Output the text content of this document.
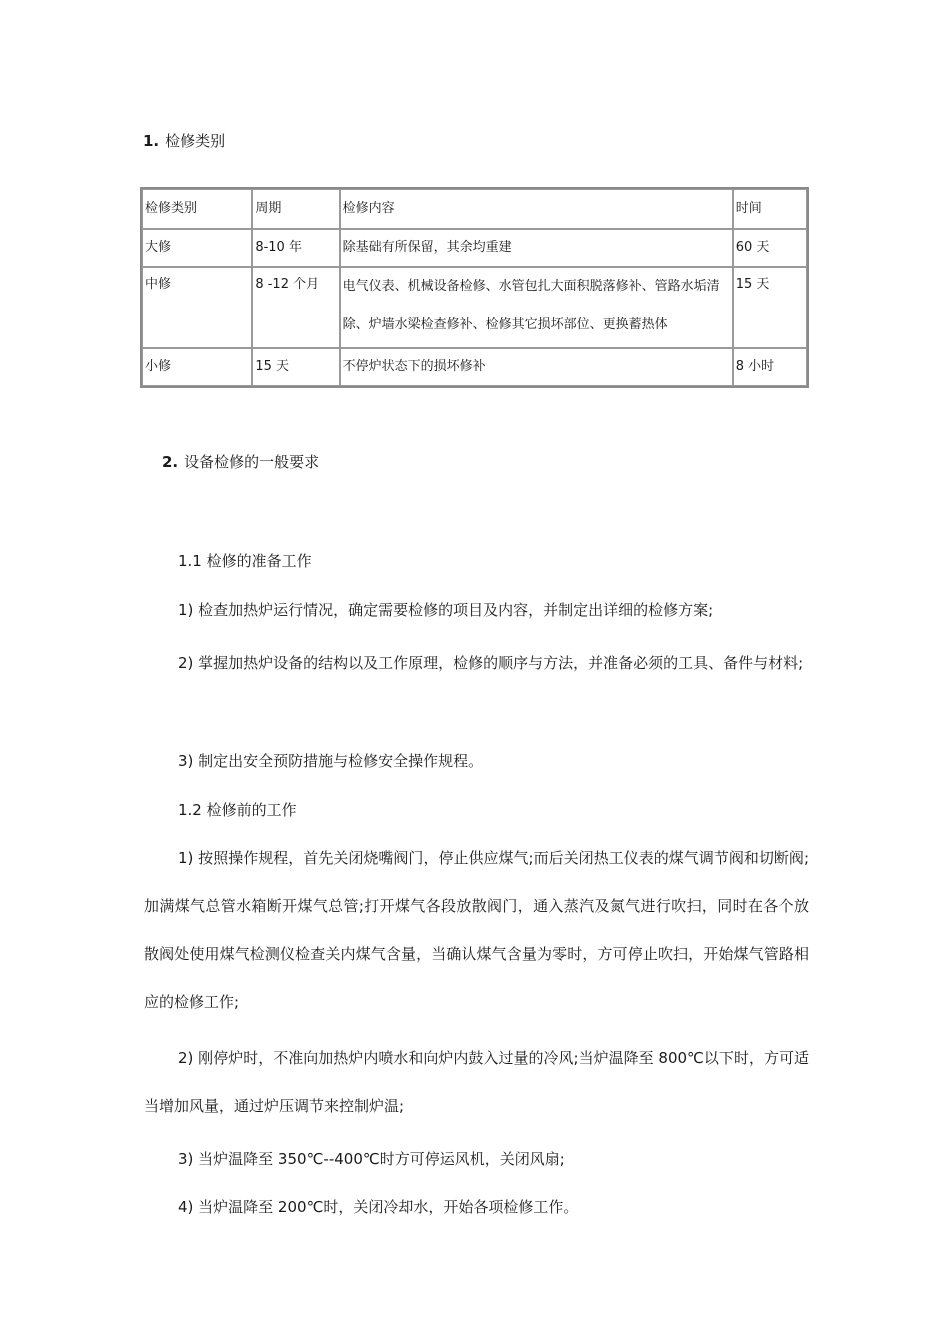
1. 检修类别
检修类别	周期	检修内容	时间
大修	8-10 年	除基础有所保留，其余均重建	60 天
中修	8 -12 个月	电气仪表、机械设备检修、水管包扎大面积脱落修补、管路水垢清除、炉墙水梁检查修补、检修其它损坏部位、更换蓄热体	15 天
小修	15 天	不停炉状态下的损坏修补	8 小时
2. 设备检修的一般要求
1.1 检修的准备工作
1) 检查加热炉运行情况，确定需要检修的项目及内容，并制定出详细的检修方案;
2) 掌握加热炉设备的结构以及工作原理，检修的顺序与方法，并准备必须的工具、备件与材料;
3) 制定出安全预防措施与检修安全操作规程。
1.2 检修前的工作
1) 按照操作规程，首先关闭烧嘴阀门，停止供应煤气;而后关闭热工仪表的煤气调节阀和切断阀;加满煤气总管水箱断开煤气总管;打开煤气各段放散阀门，通入蒸汽及氮气进行吹扫，同时在各个放散阀处使用煤气检测仪检查关内煤气含量，当确认煤气含量为零时，方可停止吹扫，开始煤气管路相应的检修工作;
2) 刚停炉时，不准向加热炉内喷水和向炉内鼓入过量的冷风;当炉温降至 800℃以下时，方可适当增加风量，通过炉压调节来控制炉温;
3) 当炉温降至 350℃--400℃时方可停运风机，关闭风扇;
4) 当炉温降至 200℃时，关闭冷却水，开始各项检修工作。
